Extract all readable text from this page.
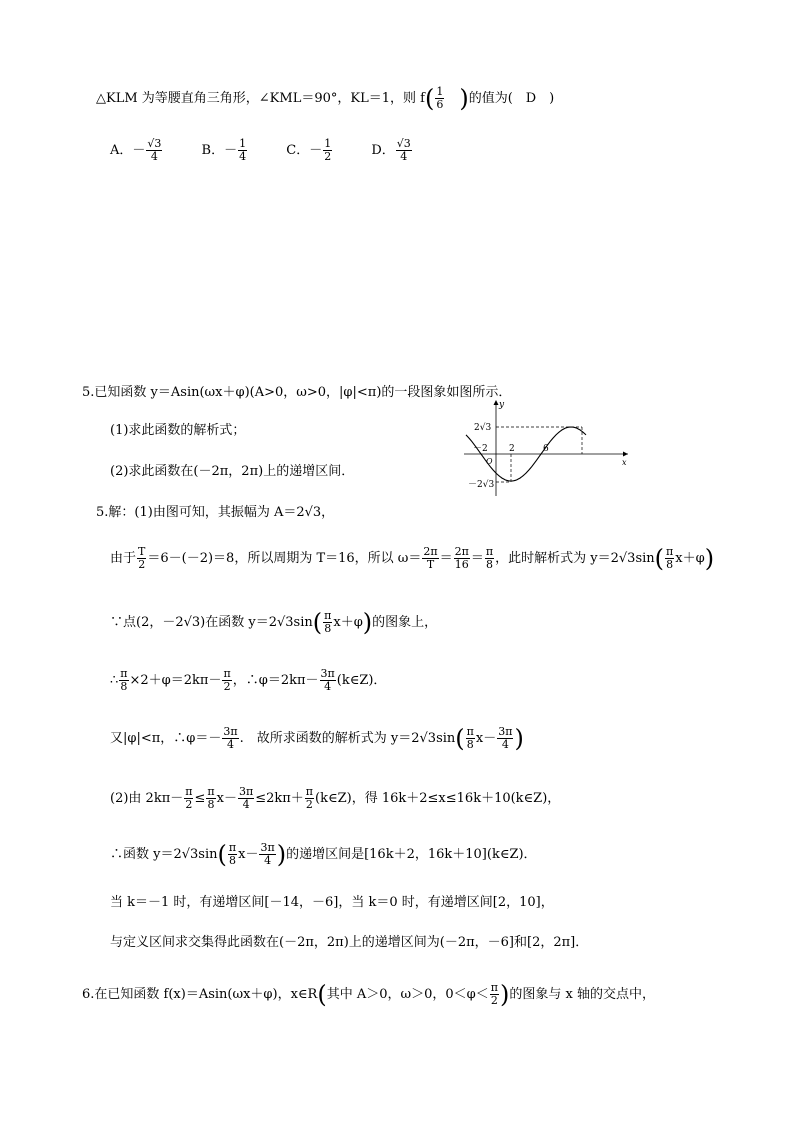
△KLM 为等腰直角三角形，∠KML＝90°，KL＝1，则 $f( \frac{1}{6}$ )的值为(　D　)
A．－ $\frac{√3}{4}$	B．－ $\frac{1}{4}$	C．－ $\frac{1}{2}$	D． $\frac{√3}{4}$
5.已知函数 y＝Asin(ωx＋φ)(A>0，ω>0，|φ|<π)的一段图象如图所示．
(1)求此函数的解析式；
(2)求此函数在(－2π，2π)上的递增区间．
y
x
O
2√3
－2√3
－2 2	6
5.解：(1)由图可知，其振幅为 A＝2√3，
由于 $\frac{T}{2} =6-(-2)=8$，所以周期为 T＝16，所以 $\omega= \frac{2\pi}{T} = \frac{2\pi}{16} = \frac{\pi}{8}$ ，此时解析式为 $y=2√3\sin( \frac{\pi}{8} x+\varphi)$
∵点(2，－2√3)在函数 $y=2√3\sin( \frac{\pi}{8} x+\varphi)$的图象上，
∴ $\frac{\pi}{8} \times 2+\varphi=2k\pi- \frac{\pi}{2}$ ，∴φ＝2kπ－ $\frac{3\pi}{4}$ (k∈Z)．
又|φ|<π，∴φ＝－ $\frac{3\pi}{4}$ .　故所求函数的解析式为 $y=2√3\sin( \frac{\pi}{8} x- \frac{3\pi}{4}$ )
(2)由 $2k\pi- \frac{\pi}{2} \le \frac{\pi}{8} x- \frac{3\pi}{4} \le 2k\pi+ \frac{\pi}{2}$ (k∈Z)，得 16k＋2≤x≤16k＋10(k∈Z)，
∴函数 $y=2√3\sin( \frac{\pi}{8} x- \frac{3\pi}{4}$ )的递增区间是[16k＋2，16k＋10](k∈Z)．
当 k＝－1 时，有递增区间[－14，－6]，当 k＝0 时，有递增区间[2，10]，
与定义区间求交集得此函数在(－2π，2π)上的递增区间为(－2π，－6]和[2，2π]．
6.在已知函数 f(x)＝Asin(ωx＋φ)，x∈R(其中 A＞0，ω＞0，$0<\varphi< \frac{\pi}{2}$ )的图象与 x 轴的交点中，
